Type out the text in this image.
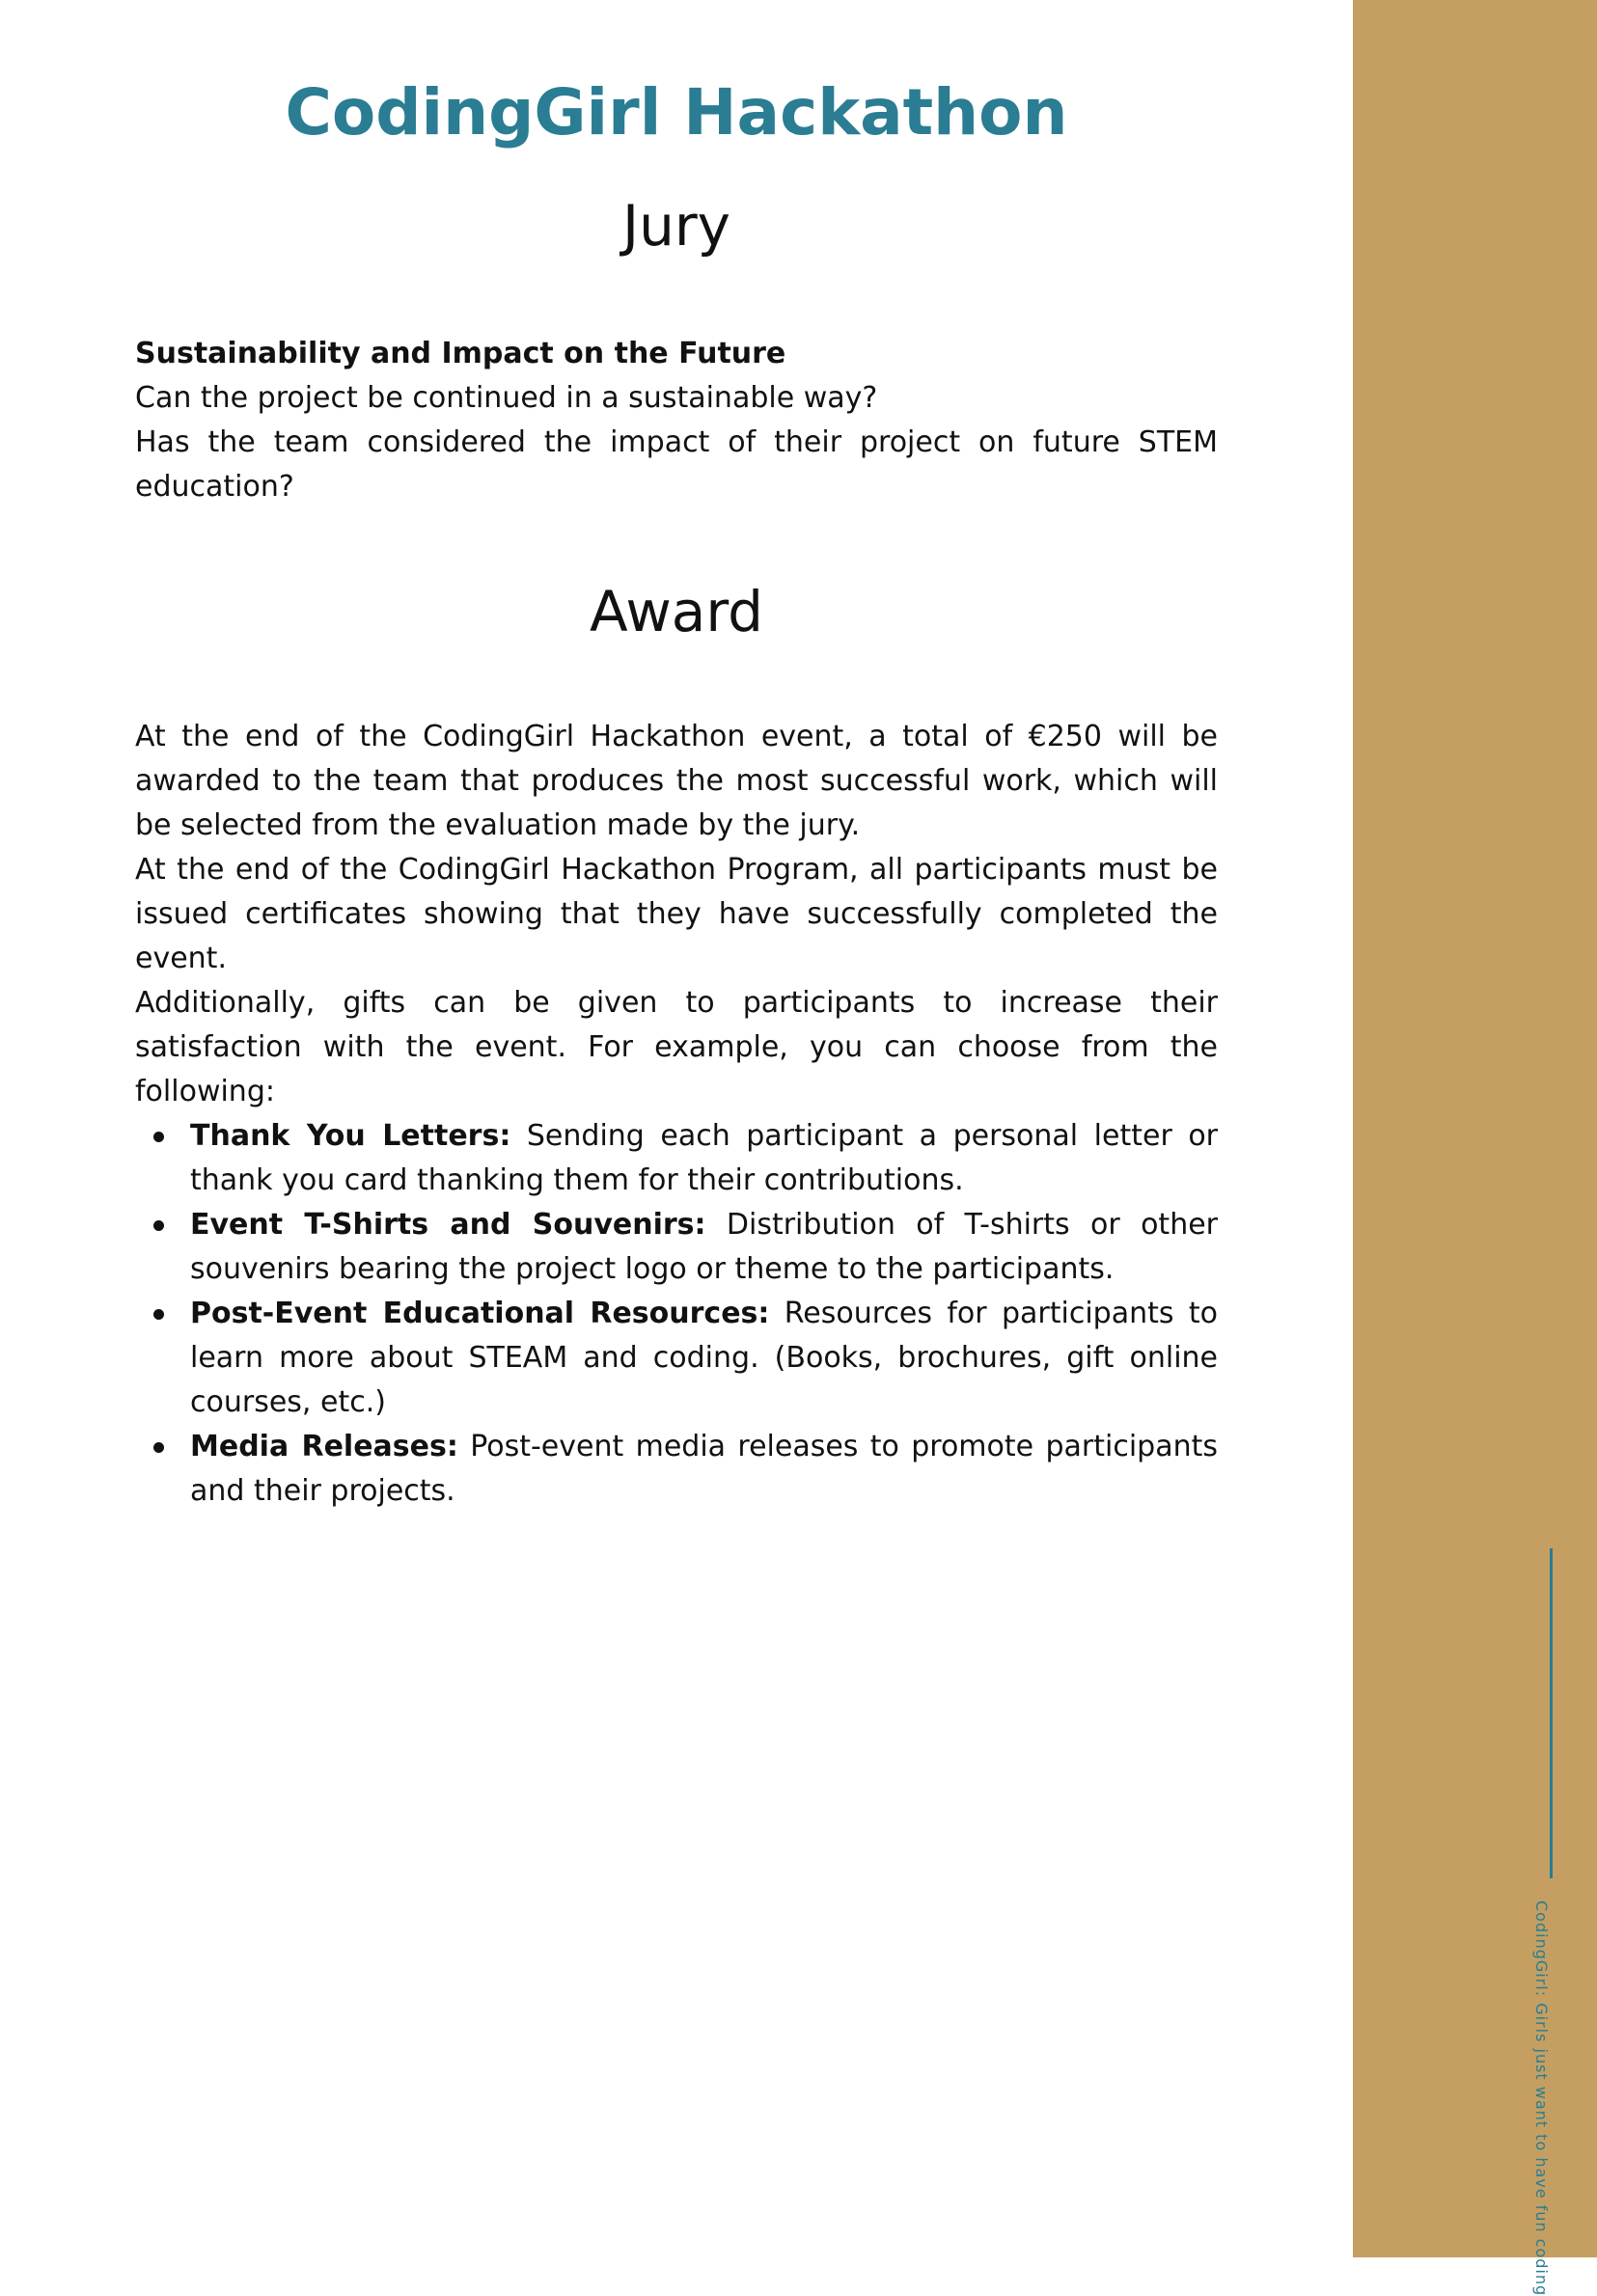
CodingGirl: Girls just want to have fun coding
CodingGirl Hackathon
Jury

Sustainability and Impact on the Future

Can the project be continued in a sustainable way?

Has the team considered the impact of their project on future STEM education?

Award

At the end of the CodingGirl Hackathon event, a total of €250 will be awarded to the team that produces the most successful work, which will be selected from the evaluation made by the jury.

At the end of the CodingGirl Hackathon Program, all participants must be issued certificates showing that they have successfully completed the event.

Additionally, gifts can be given to participants to increase their satisfaction with the event. For example, you can choose from the following:

Thank You Letters: Sending each participant a personal letter or thank you card thanking them for their contributions.
Event T-Shirts and Souvenirs: Distribution of T-shirts or other souvenirs bearing the project logo or theme to the participants.
Post-Event Educational Resources: Resources for participants to learn more about STEAM and coding. (Books, brochures, gift online courses, etc.)
Media Releases: Post-event media releases to promote participants and their projects.
